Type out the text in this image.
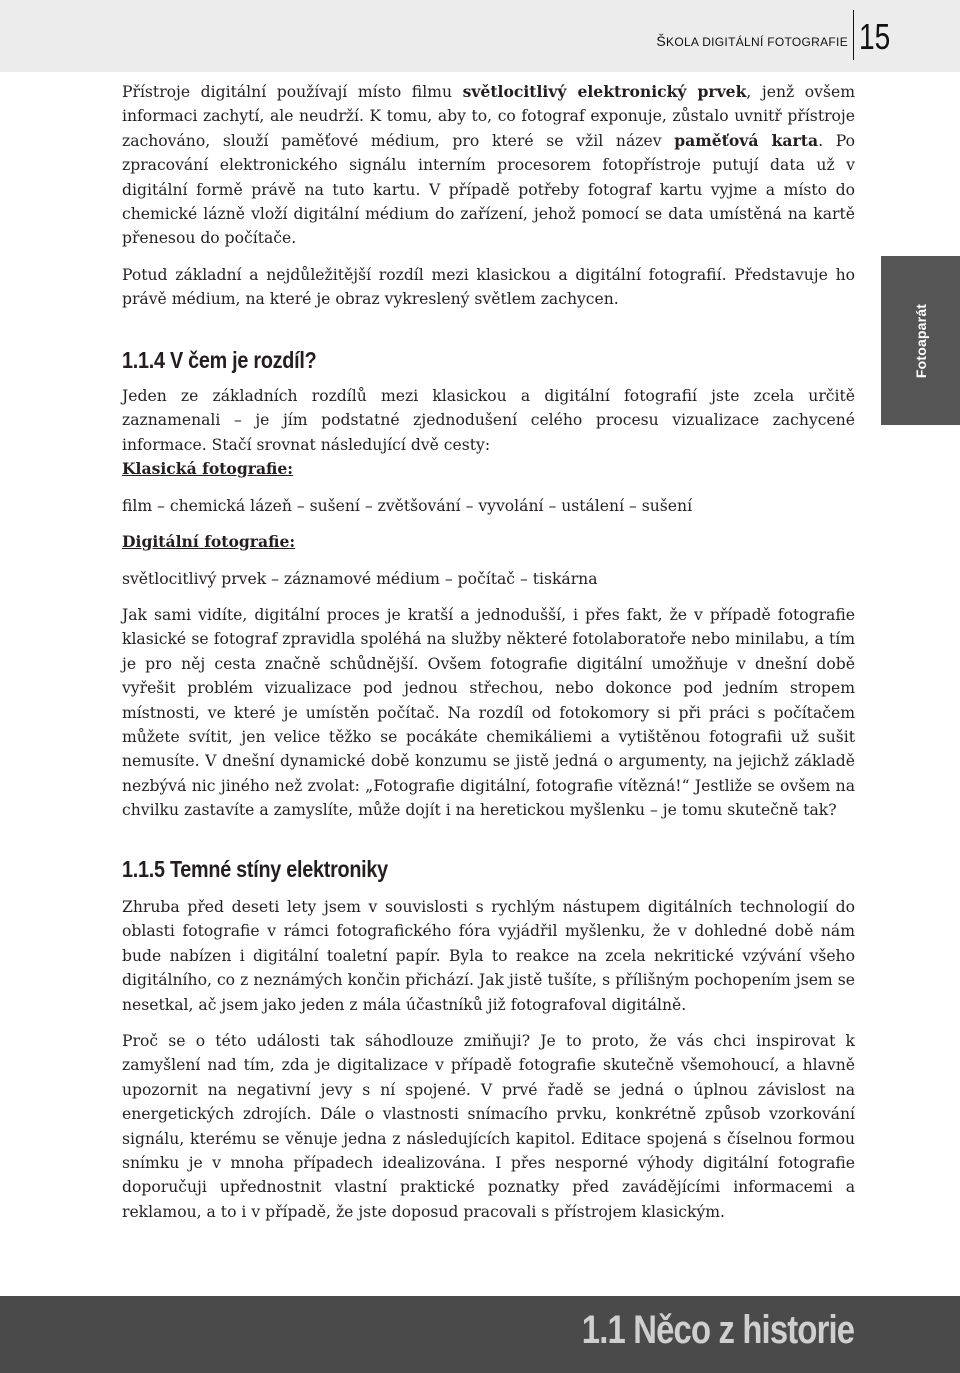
ŠKOLA DIGITÁLNÍ FOTOGRAFIE 15
Fotoaparát

Přístroje digitální používají místo filmu světlocitlivý elektronický prvek, jenž ovšem informaci zachytí, ale neudrží. K tomu, aby to, co fotograf exponuje, zůstalo uvnitř přístroje zachováno, slouží paměťové médium, pro které se vžil název paměťová karta. Po zpracování elektronického signálu interním procesorem fotopřístroje putují data už v digitální formě právě na tuto kartu. V případě potřeby fotograf kartu vyjme a místo do chemické lázně vloží digitální médium do zařízení, jehož pomocí se data umístěná na kartě přenesou do počítače.

Potud základní a nejdůležitější rozdíl mezi klasickou a digitální fotografií. Představuje ho právě médium, na které je obraz vykreslený světlem zachycen.

1.1.4 V čem je rozdíl?

Jeden ze základních rozdílů mezi klasickou a digitální fotografií jste zcela určitě zaznamenali – je jím podstatné zjednodušení celého procesu vizualizace zachycené informace. Stačí srovnat následující dvě cesty:

Klasická fotografie:

film – chemická lázeň – sušení – zvětšování – vyvolání – ustálení – sušení

Digitální fotografie:

světlocitlivý prvek – záznamové médium – počítač – tiskárna

Jak sami vidíte, digitální proces je kratší a jednodušší, i přes fakt, že v případě fotografie klasické se fotograf zpravidla spoléhá na služby některé fotolaboratoře nebo minilabu, a tím je pro něj cesta značně schůdnější. Ovšem fotografie digitální umožňuje v dnešní době vyřešit problém vizualizace pod jednou střechou, nebo dokonce pod jedním stropem místnosti, ve které je umístěn počítač. Na rozdíl od fotokomory si při práci s počítačem můžete svítit, jen velice těžko se pocákáte chemikáliemi a vytištěnou fotografii už sušit nemusíte. V dnešní dynamické době konzumu se jistě jedná o argumenty, na jejichž základě nezbývá nic jiného než zvolat: „Fotografie digitální, fotografie vítězná!“ Jestliže se ovšem na chvilku zastavíte a zamyslíte, může dojít i na heretickou myšlenku – je tomu skutečně tak?

1.1.5 Temné stíny elektroniky

Zhruba před deseti lety jsem v souvislosti s rychlým nástupem digitálních technologií do oblasti fotografie v rámci fotografického fóra vyjádřil myšlenku, že v dohledné době nám bude nabízen i digitální toaletní papír. Byla to reakce na zcela nekritické vzývání všeho digitálního, co z neznámých končin přichází. Jak jistě tušíte, s přílišným pochopením jsem se nesetkal, ač jsem jako jeden z mála účastníků již fotografoval digitálně.

Proč se o této události tak sáhodlouze zmiňuji? Je to proto, že vás chci inspirovat k zamyšlení nad tím, zda je digitalizace v případě fotografie skutečně všemohoucí, a hlavně upozornit na negativní jevy s ní spojené. V prvé řadě se jedná o úplnou závislost na energetických zdrojích. Dále o vlastnosti snímacího prvku, konkrétně způsob vzorkování signálu, kterému se věnuje jedna z následujících kapitol. Editace spojená s číselnou formou snímku je v mnoha případech idealizována. I přes nesporné výhody digitální fotografie doporučuji upřednostnit vlastní praktické poznatky před zavádějícími informacemi a reklamou, a to i v případě, že jste doposud pracovali s přístrojem klasickým.

1.1 Něco z historie
